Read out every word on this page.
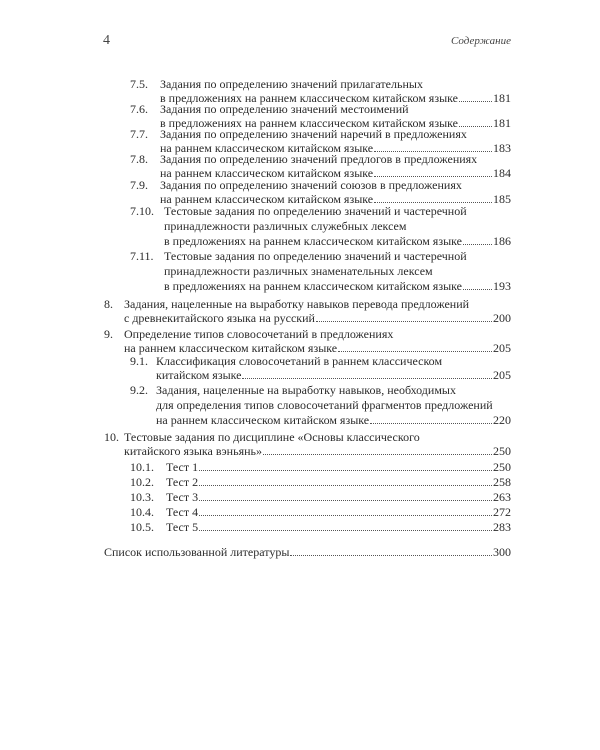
4	Содержание
7.5.	Задания по определению значений прилагательных
в предложениях на раннем классическом китайском языке	181
7.6.	Задания по определению значений местоимений
в предложениях на раннем классическом китайском языке	181
7.7.	Задания по определению значений наречий в предложениях
на раннем классическом китайском языке	183
7.8.	Задания по определению значений предлогов в предложениях
на раннем классическом китайском языке	184
7.9.	Задания по определению значений союзов в предложениях
на раннем классическом китайском языке	185
7.10. Тестовые задания по определению значений и частеречной
принадлежности различных служебных лексем
в предложениях на раннем классическом китайском языке	186
7.11. Тестовые задания по определению значений и частеречной
принадлежности различных знаменательных лексем
в предложениях на раннем классическом китайском языке	193
8. Задания, нацеленные на выработку навыков перевода предложений
с древнекитайского языка на русский	200
9. Определение типов словосочетаний в предложениях
на раннем классическом китайском языке	205
9.1. Классификация словосочетаний в раннем классическом
китайском языке	205
9.2. Задания, нацеленные на выработку навыков, необходимых
для определения типов словосочетаний фрагментов предложений
на раннем классическом китайском языке	220
10. Тестовые задания по дисциплине «Основы классического
китайского языка вэньянь»	250
10.1.	Тест 1	250
10.2.	Тест 2	258
10.3.	Тест 3	263
10.4.	Тест 4	272
10.5.	Тест 5	283
Список использованной литературы	300
